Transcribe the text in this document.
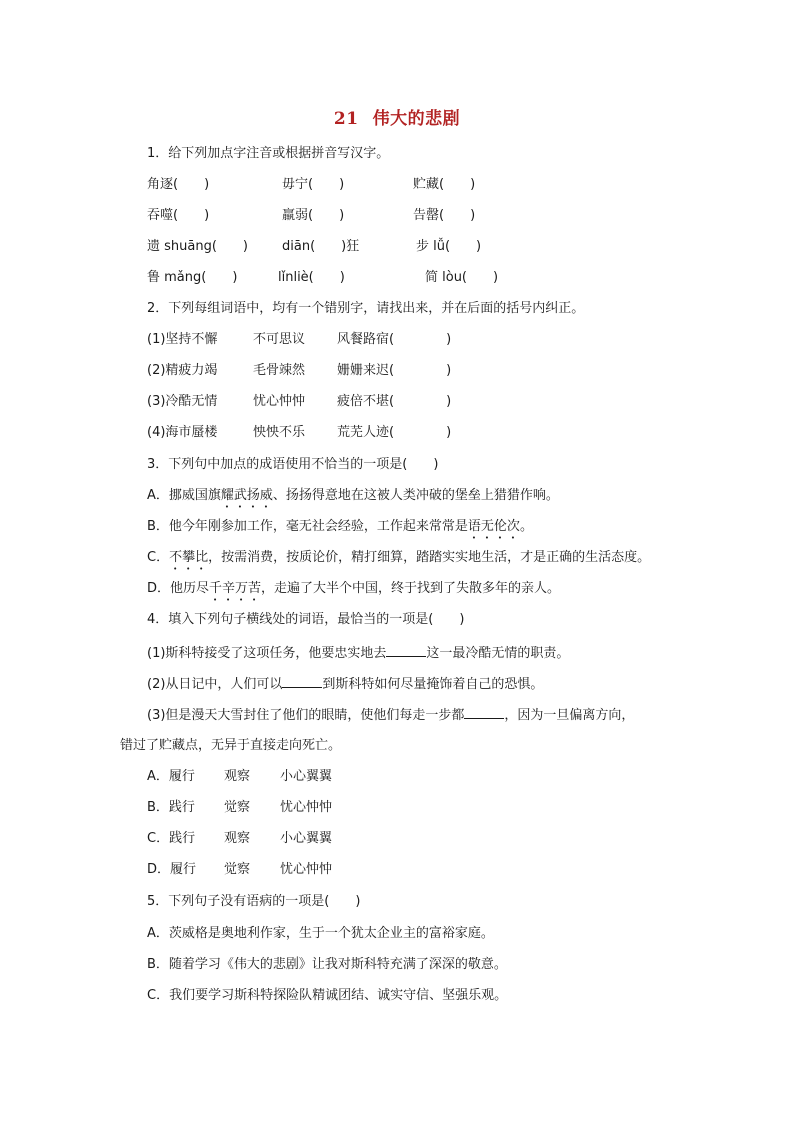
21 伟大的悲剧
1．给下列加点字注音或根据拼音写汉字。
角逐(　　)	毋宁(　　)	贮藏(　　)
吞噬(　　)	羸弱(　　)	告罄(　　)
遗 shuāng(　　)	diān(　　)狂	步 lǚ(　　)
鲁 mǎng(　　)	lǐnliè(　　)	简 lòu(　　)
2．下列每组词语中，均有一个错别字，请找出来，并在后面的括号内纠正。
(1)坚持不懈	不可思议 风餐路宿(　　　　)
(2)精疲力竭	毛骨竦然 姗姗来迟(　　　　)
(3)冷酷无情	忧心忡忡 疲倍不堪(　　　　)
(4)海市蜃楼	怏怏不乐 荒芜人迹(　　　　)
3．下列句中加点的成语使用不恰当的一项是(　　)
A．挪威国旗耀武扬威、扬扬得意地在这被人类冲破的堡垒上猎猎作响。
B．他今年刚参加工作，毫无社会经验，工作起来常常是语无伦次。
C．不攀比，按需消费，按质论价，精打细算，踏踏实实地生活，才是正确的生活态度。
D．他历尽千辛万苦，走遍了大半个中国，终于找到了失散多年的亲人。
4．填入下列句子横线处的词语，最恰当的一项是(　　)
(1)斯科特接受了这项任务，他要忠实地去	这一最冷酷无情的职责。
(2)从日记中，人们可以	到斯科特如何尽量掩饰着自己的恐惧。
(3)但是漫天大雪封住了他们的眼睛，使他们每走一步都	，因为一旦偏离方向，
错过了贮藏点，无异于直接走向死亡。
A．履行 观察 小心翼翼
B．践行 觉察 忧心忡忡
C．践行 观察 小心翼翼
D．履行 觉察 忧心忡忡
5．下列句子没有语病的一项是(　　)
A．茨威格是奥地利作家，生于一个犹太企业主的富裕家庭。
B．随着学习《伟大的悲剧》让我对斯科特充满了深深的敬意。
C．我们要学习斯科特探险队精诚团结、诚实守信、坚强乐观。
